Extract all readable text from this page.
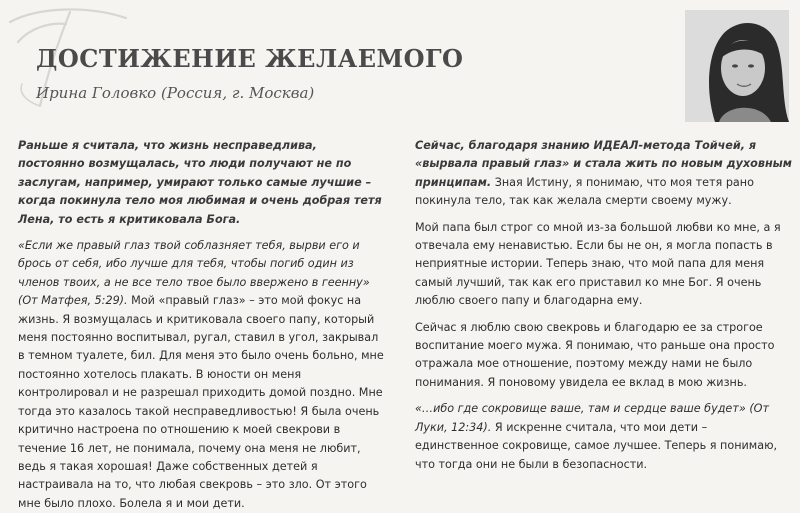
ДОСТИЖЕНИЕ ЖЕЛАЕМОГО
Ирина Головко (Россия, г. Москва)

Раньше я считала, что жизнь несправедлива, постоянно возмущалась, что люди получают не по заслугам, например, умирают только самые лучшие – когда покинула тело моя любимая и очень добрая тетя Лена, то есть я критиковала Бога.

«Если же правый глаз твой соблазняет тебя, вырви его и брось от себя, ибо лучше для тебя, чтобы погиб один из членов твоих, а не все тело твое было ввержено в геенну» (От Матфея, 5:29). Мой «правый глаз» – это мой фокус на жизнь. Я возмущалась и критиковала своего папу, который меня постоянно воспитывал, ругал, ставил в угол, закрывал в темном туалете, бил. Для меня это было очень больно, мне постоянно хотелось плакать. В юности он меня контролировал и не разрешал приходить домой поздно. Мне тогда это казалось такой несправедливостью! Я была очень критично настроена по отношению к моей свекрови в течение 16 лет, не понимала, почему она меня не любит, ведь я такая хорошая! Даже собственных детей я настраивала на то, что любая свекровь – это зло. От этого мне было плохо. Болела я и мои дети.

Сейчас, благодаря знанию ИДЕАЛ-метода Тойчей, я «вырвала правый глаз» и стала жить по новым духовным принципам. Зная Истину, я понимаю, что моя тетя рано покинула тело, так как желала смерти своему мужу.

Мой папа был строг со мной из-за большой любви ко мне, а я отвечала ему ненавистью. Если бы не он, я могла попасть в неприятные истории. Теперь знаю, что мой папа для меня самый лучший, так как его приставил ко мне Бог. Я очень люблю своего папу и благодарна ему.

Сейчас я люблю свою свекровь и благодарю ее за строгое воспитание моего мужа. Я понимаю, что раньше она просто отражала мое отношение, поэтому между нами не было понимания. Я поновому увидела ее вклад в мою жизнь.

«…ибо где сокровище ваше, там и сердце ваше будет» (От Луки, 12:34). Я искренне считала, что мои дети – единственное сокровище, самое лучшее. Теперь я понимаю, что тогда они не были в безопасности.
